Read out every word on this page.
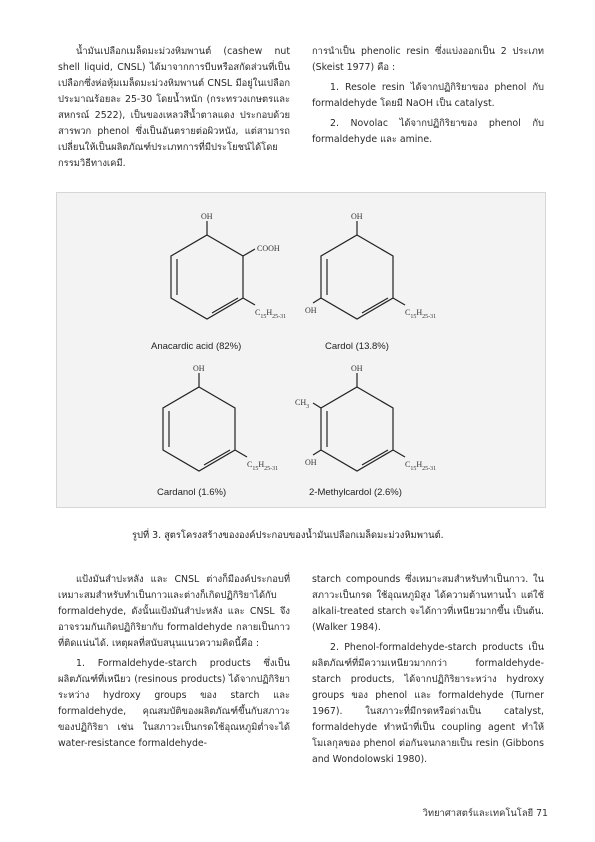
น้ำมันเปลือกเมล็ดมะม่วงหิมพานต์ (cashew nut shell liquid, CNSL) ได้มาจากการบีบหรือสกัดส่วนที่เป็นเปลือกซึ่งห่อหุ้มเมล็ดมะม่วงหิมพานต์ CNSL มีอยู่ในเปลือกประมาณร้อยละ 25-30 โดยน้ำหนัก (กระทรวงเกษตรและสหกรณ์ 2522), เป็นของเหลวสีน้ำตาลแดง ประกอบด้วยสารพวก phenol ซึ่งเป็นอันตรายต่อผิวหนัง, แต่สามารถเปลี่ยนให้เป็นผลิตภัณฑ์ประเภทการที่มีประโยชน์ได้โดยกรรมวิธีทางเคมี.

การนำเป็น phenolic resin ซึ่งแบ่งออกเป็น 2 ประเภท (Skeist 1977) คือ :

1. Resole resin ได้จากปฏิกิริยาของ phenol กับ formaldehyde โดยมี NaOH เป็น catalyst.

2. Novolac ได้จากปฏิกิริยาของ phenol กับ formaldehyde และ amine.

OH
COOH
$C_{15}H_{25-31}$
Anacardic acid (82%)
OH
OH	$C_{15}H_{25-31}$
Cardol (13.8%)
OH
$C_{15}H_{25-31}$
Cardanol (1.6%)
OH
$CH_3$
OH	$C_{15}H_{25-31}$
2-Methylcardol (2.6%)
รูปที่ 3. สูตรโครงสร้างขององค์ประกอบของน้ำมันเปลือกเมล็ดมะม่วงหิมพานต์.

แป้งมันสำปะหลัง และ CNSL ต่างก็มีองค์ประกอบที่เหมาะสมสำหรับทำเป็นกาวและต่างก็เกิดปฏิกิริยาได้กับ formaldehyde, ดังนั้นแป้งมันสำปะหลัง และ CNSL จึงอาจรวมกันเกิดปฏิกิริยากับ formaldehyde กลายเป็นกาวที่ติดแน่นได้. เหตุผลที่สนับสนุนแนวความคิดนี้คือ :

1. Formaldehyde-starch products ซึ่งเป็นผลิตภัณฑ์ที่เหนียว (resinous products) ได้จากปฏิกิริยาระหว่าง hydroxy groups ของ starch และ formaldehyde, คุณสมบัติของผลิตภัณฑ์ขึ้นกับสภาวะของปฏิกิริยา เช่น ในสภาวะเป็นกรดใช้อุณหภูมิต่ำจะได้ water-resistance formaldehyde-

starch compounds ซึ่งเหมาะสมสำหรับทำเป็นกาว. ในสภาวะเป็นกรด ใช้อุณหภูมิสูง ได้ความต้านทานน้ำ แต่ใช้ alkali-treated starch จะได้กาวที่เหนียวมากขึ้น เป็นต้น. (Walker 1984).

2. Phenol-formaldehyde-starch products เป็นผลิตภัณฑ์ที่มีความเหนียวมากกว่า formaldehyde-starch products, ได้จากปฏิกิริยาระหว่าง hydroxy groups ของ phenol และ formaldehyde (Turner 1967). ในสภาวะที่มีกรดหรือด่างเป็น catalyst, formaldehyde ทำหน้าที่เป็น coupling agent ทำให้โมเลกุลของ phenol ต่อกันจนกลายเป็น resin (Gibbons and Wondolowski 1980).

วิทยาศาสตร์และเทคโนโลยี 71
